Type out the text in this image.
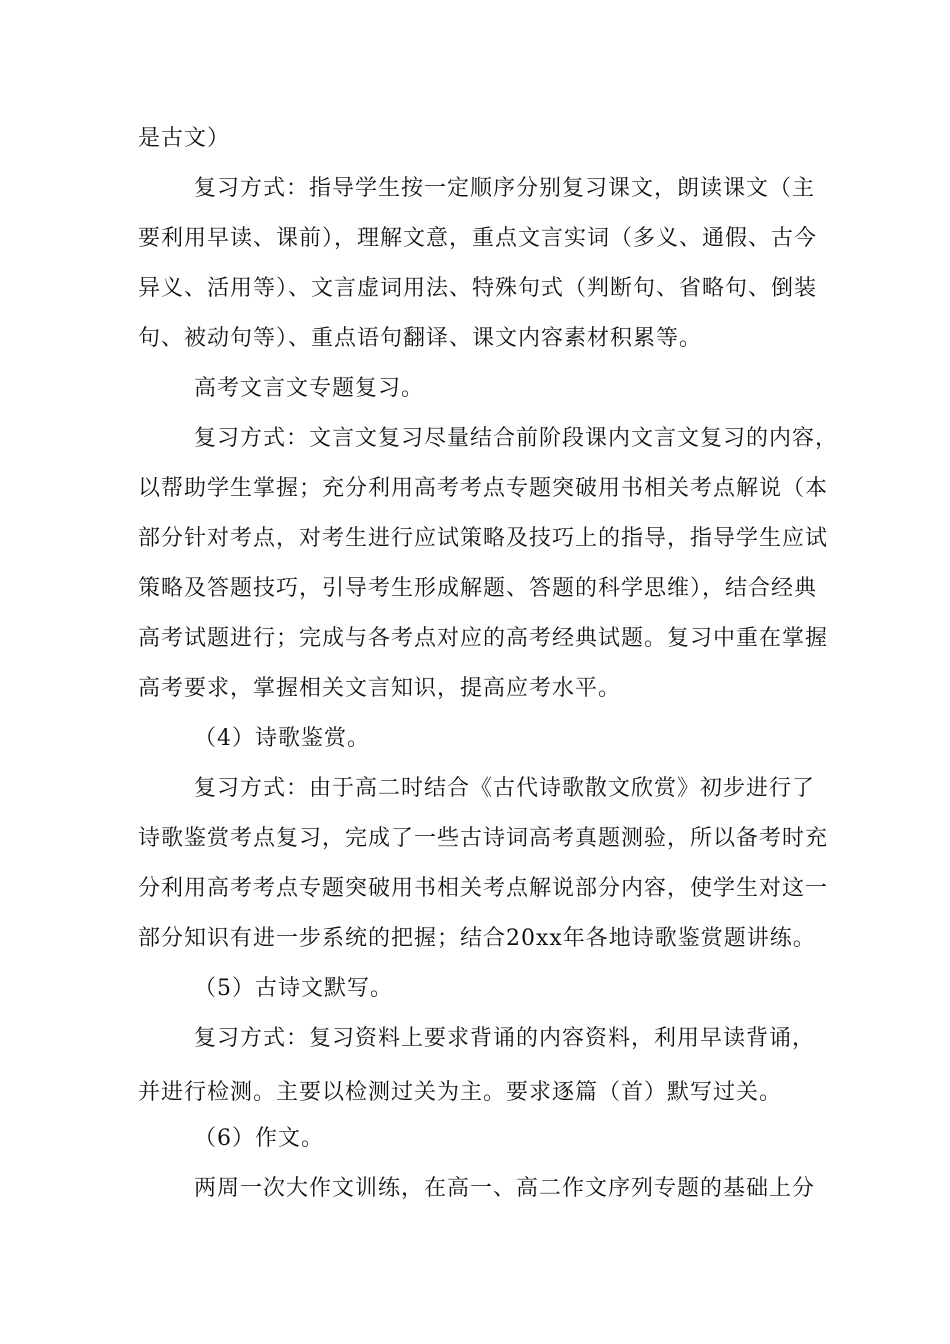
是古文）
复习方式：指导学生按一定顺序分别复习课文，朗读课文（主
要利用早读、课前），理解文意，重点文言实词（多义、通假、古今
异义、活用等）、文言虚词用法、特殊句式（判断句、省略句、倒装
句、被动句等）、重点语句翻译、课文内容素材积累等。
高考文言文专题复习。
复习方式：文言文复习尽量结合前阶段课内文言文复习的内容，
以帮助学生掌握；充分利用高考考点专题突破用书相关考点解说（本
部分针对考点，对考生进行应试策略及技巧上的指导，指导学生应试
策略及答题技巧，引导考生形成解题、答题的科学思维），结合经典
高考试题进行；完成与各考点对应的高考经典试题。复习中重在掌握
高考要求，掌握相关文言知识，提高应考水平。
（4）诗歌鉴赏。
复习方式：由于高二时结合《古代诗歌散文欣赏》初步进行了
诗歌鉴赏考点复习，完成了一些古诗词高考真题测验，所以备考时充
分利用高考考点专题突破用书相关考点解说部分内容，使学生对这一
部分知识有进一步系统的把握；结合20xx年各地诗歌鉴赏题讲练。
（5）古诗文默写。
复习方式：复习资料上要求背诵的内容资料，利用早读背诵，
并进行检测。主要以检测过关为主。要求逐篇（首）默写过关。
（6）作文。
两周一次大作文训练，在高一、高二作文序列专题的基础上分
